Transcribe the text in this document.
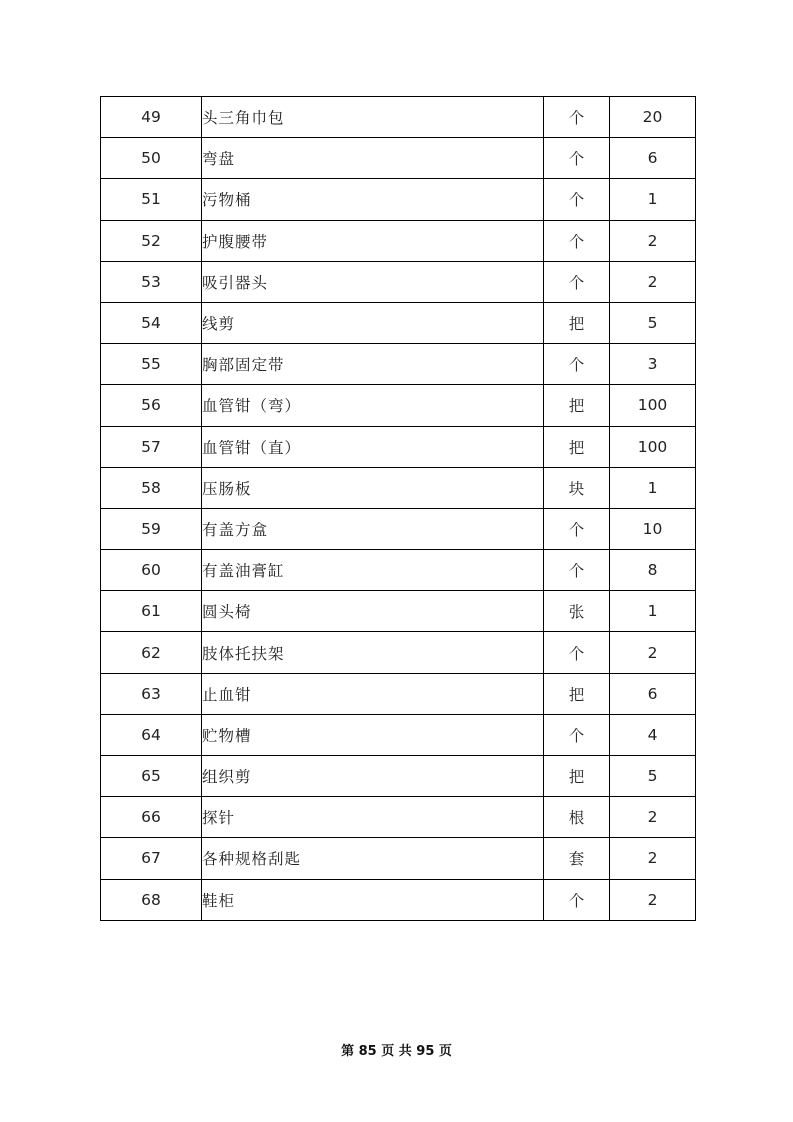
49	头三角巾包	个	20
50	弯盘	个	6
51	污物桶	个	1
52	护腹腰带	个	2
53	吸引器头	个	2
54	线剪	把	5
55	胸部固定带	个	3
56	血管钳（弯）	把	100
57	血管钳（直）	把	100
58	压肠板	块	1
59	有盖方盒	个	10
60	有盖油膏缸	个	8
61	圆头椅	张	1
62	肢体托扶架	个	2
63	止血钳	把	6
64	贮物槽	个	4
65	组织剪	把	5
66	探针	根	2
67	各种规格刮匙	套	2
68	鞋柜	个	2
第 85 页 共 95 页
